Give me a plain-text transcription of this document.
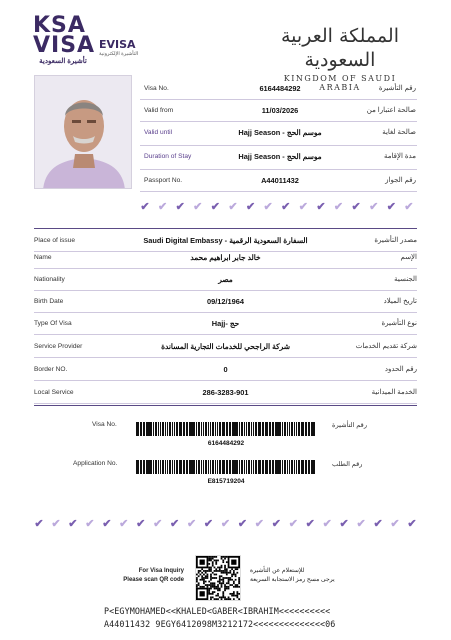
KSA
VISA
تأشيرة السعودية
EVISA
التأشيرة الإلكترونية
المملكة العربية السعودية
KINGDOM OF SAUDI ARABIA
Visa No.	6164484292	رقم التأشيرة
Valid from	11/03/2026	صالحة اعتبارا من
Valid until	Hajj Season - موسم الحج	صالحة لغاية
Duration of Stay	Hajj Season - موسم الحج	مدة الإقامة
Passport No.	A44011432	رقم الجواز
✔ ✔ ✔ ✔ ✔ ✔ ✔ ✔ ✔ ✔ ✔ ✔ ✔ ✔ ✔ ✔
Place of issue	Saudi Digital Embassy - السفارة السعودية الرقمية	مصدر التأشيرة
Name	خالد جابر ابراهيم محمد	الإسم
Nationality	مصر	الجنسية
Birth Date	09/12/1964	تاريخ الميلاد
Type Of Visa	Hajj- حج	نوع التأشيرة
Service Provider	شركة الراجحي للخدمات التجارية المساندة	شركة تقديم الخدمات
Border NO.	0	رقم الحدود
Local Service	286-3283-901	الخدمة الميدانية
Visa No.	رقم التأشيرة
6164484292
Application No.	رقم الطلب
E815719204
✔ ✔ ✔ ✔ ✔ ✔ ✔ ✔ ✔ ✔ ✔ ✔ ✔ ✔ ✔ ✔ ✔ ✔ ✔ ✔ ✔ ✔ ✔
For Visa Inquiry
Please scan QR code
للإستعلام عن التأشيرة
يرجى مسح رمز الاستجابة السريعة
P<EGYMOHAMED<<KHALED<GABER<IBRAHIM<<<<<<<<<<
A44011432 9EGY6412098M3212172<<<<<<<<<<<<<<06
